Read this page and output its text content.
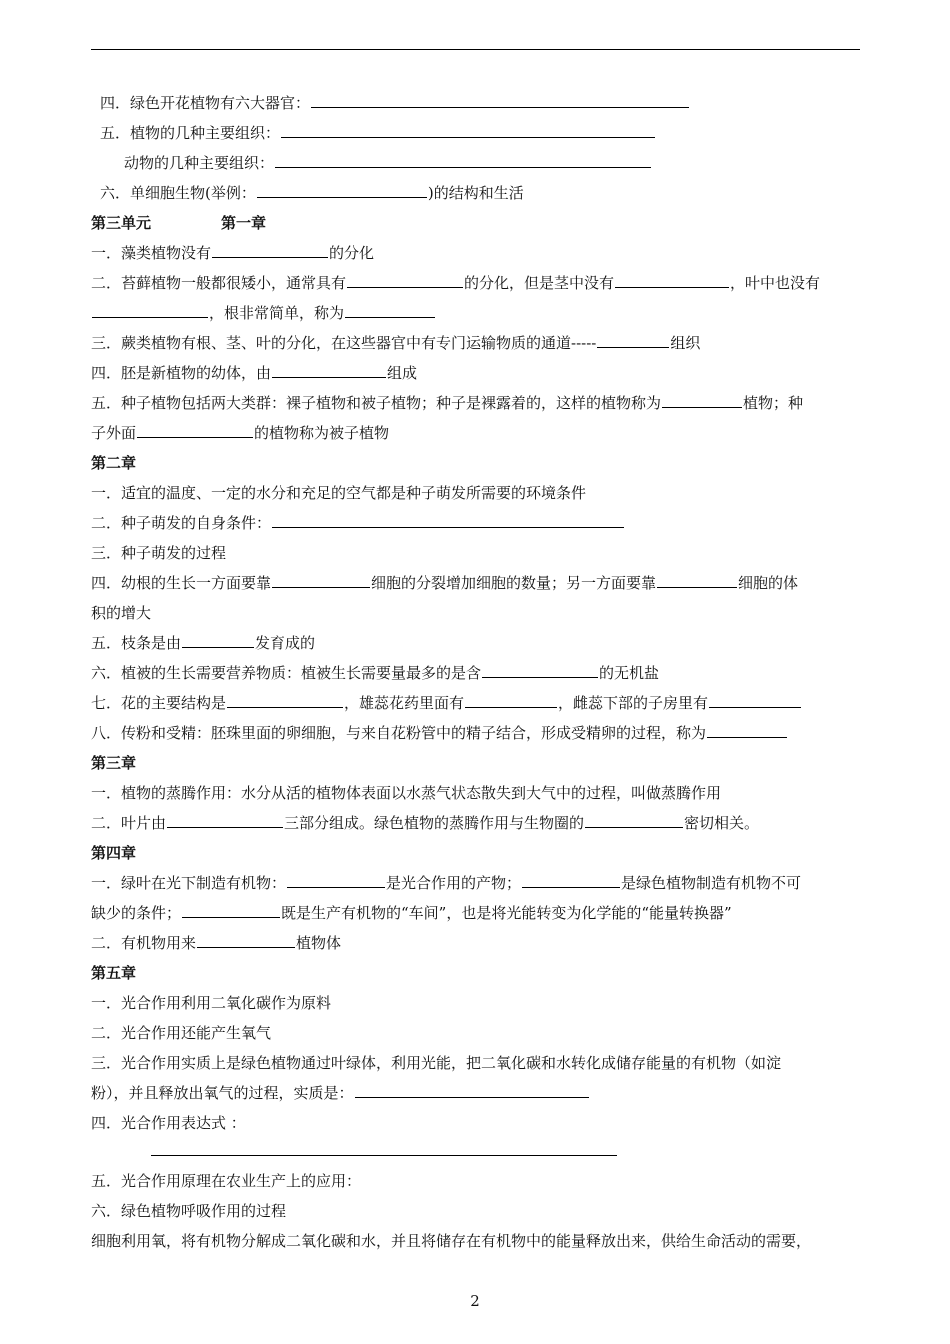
四．绿色开花植物有六大器官：
五．植物的几种主要组织：
动物的几种主要组织：
六．单细胞生物(举例：	)的结构和生活
第三单元	第一章
一．藻类植物没有	的分化
二．苔藓植物一般都很矮小，通常具有	的分化，但是茎中没有	，叶中也没有
，根非常简单，称为
三．蕨类植物有根、茎、叶的分化，在这些器官中有专门运输物质的通道-----	组织
四．胚是新植物的幼体，由	组成
五．种子植物包括两大类群：裸子植物和被子植物；种子是裸露着的，这样的植物称为	植物；种
子外面	的植物称为被子植物
第二章
一．适宜的温度、一定的水分和充足的空气都是种子萌发所需要的环境条件
二．种子萌发的自身条件：
三．种子萌发的过程
四．幼根的生长一方面要靠	细胞的分裂增加细胞的数量；另一方面要靠	细胞的体
积的增大
五．枝条是由	发育成的
六．植被的生长需要营养物质：植被生长需要量最多的是含	的无机盐
七．花的主要结构是	，雄蕊花药里面有	，雌蕊下部的子房里有
八．传粉和受精：胚珠里面的卵细胞，与来自花粉管中的精子结合，形成受精卵的过程，称为
第三章
一．植物的蒸腾作用：水分从活的植物体表面以水蒸气状态散失到大气中的过程，叫做蒸腾作用
二．叶片由	三部分组成。绿色植物的蒸腾作用与生物圈的	密切相关。
第四章
一．绿叶在光下制造有机物：	是光合作用的产物；	是绿色植物制造有机物不可
缺少的条件；	既是生产有机物的“车间”，也是将光能转变为化学能的“能量转换器”
二．有机物用来	植物体
第五章
一．光合作用利用二氧化碳作为原料
二．光合作用还能产生氧气
三．光合作用实质上是绿色植物通过叶绿体，利用光能，把二氧化碳和水转化成储存能量的有机物（如淀
粉），并且释放出氧气的过程，实质是：
四．光合作用表达式 ：
五．光合作用原理在农业生产上的应用：
六．绿色植物呼吸作用的过程
细胞利用氧，将有机物分解成二氧化碳和水，并且将储存在有机物中的能量释放出来，供给生命活动的需要，
2
